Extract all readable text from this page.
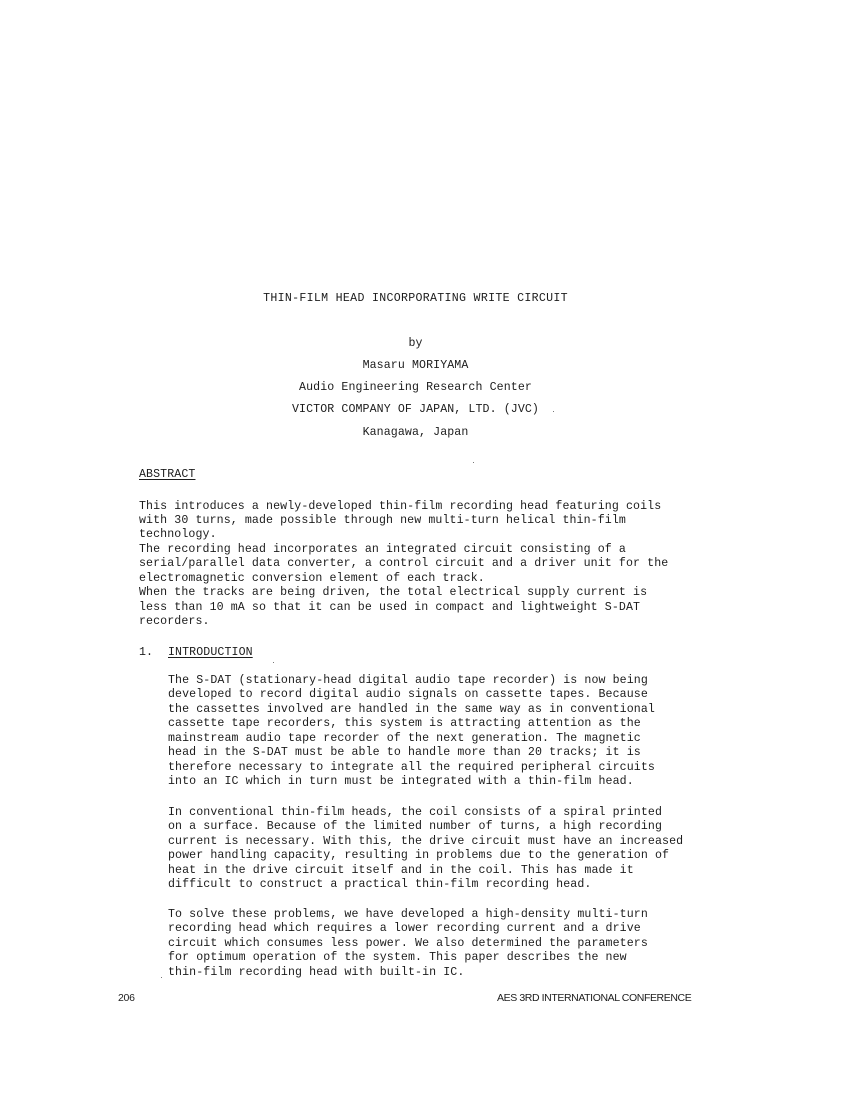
THIN-FILM HEAD INCORPORATING WRITE CIRCUIT
by
Masaru MORIYAMA
Audio Engineering Research Center
VICTOR COMPANY OF JAPAN, LTD. (JVC)
Kanagawa, Japan
ABSTRACT
This introduces a newly-developed thin-film recording head featuring coils
with 30 turns, made possible through new multi-turn helical thin-film
technology.
The recording head incorporates an integrated circuit consisting of a
serial/parallel data converter, a control circuit and a driver unit for the
electromagnetic conversion element of each track.
When the tracks are being driven, the total electrical supply current is
less than 10 mA so that it can be used in compact and lightweight S-DAT
recorders.
1. INTRODUCTION
The S-DAT (stationary-head digital audio tape recorder) is now being
developed to record digital audio signals on cassette tapes. Because
the cassettes involved are handled in the same way as in conventional
cassette tape recorders, this system is attracting attention as the
mainstream audio tape recorder of the next generation. The magnetic
head in the S-DAT must be able to handle more than 20 tracks; it is
therefore necessary to integrate all the required peripheral circuits
into an IC which in turn must be integrated with a thin-film head.
In conventional thin-film heads, the coil consists of a spiral printed
on a surface. Because of the limited number of turns, a high recording
current is necessary. With this, the drive circuit must have an increased
power handling capacity, resulting in problems due to the generation of
heat in the drive circuit itself and in the coil. This has made it
difficult to construct a practical thin-film recording head.
To solve these problems, we have developed a high-density multi-turn
recording head which requires a lower recording current and a drive
circuit which consumes less power. We also determined the parameters
for optimum operation of the system. This paper describes the new
thin-film recording head with built-in IC.
206	AES 3RD INTERNATIONAL CONFERENCE
